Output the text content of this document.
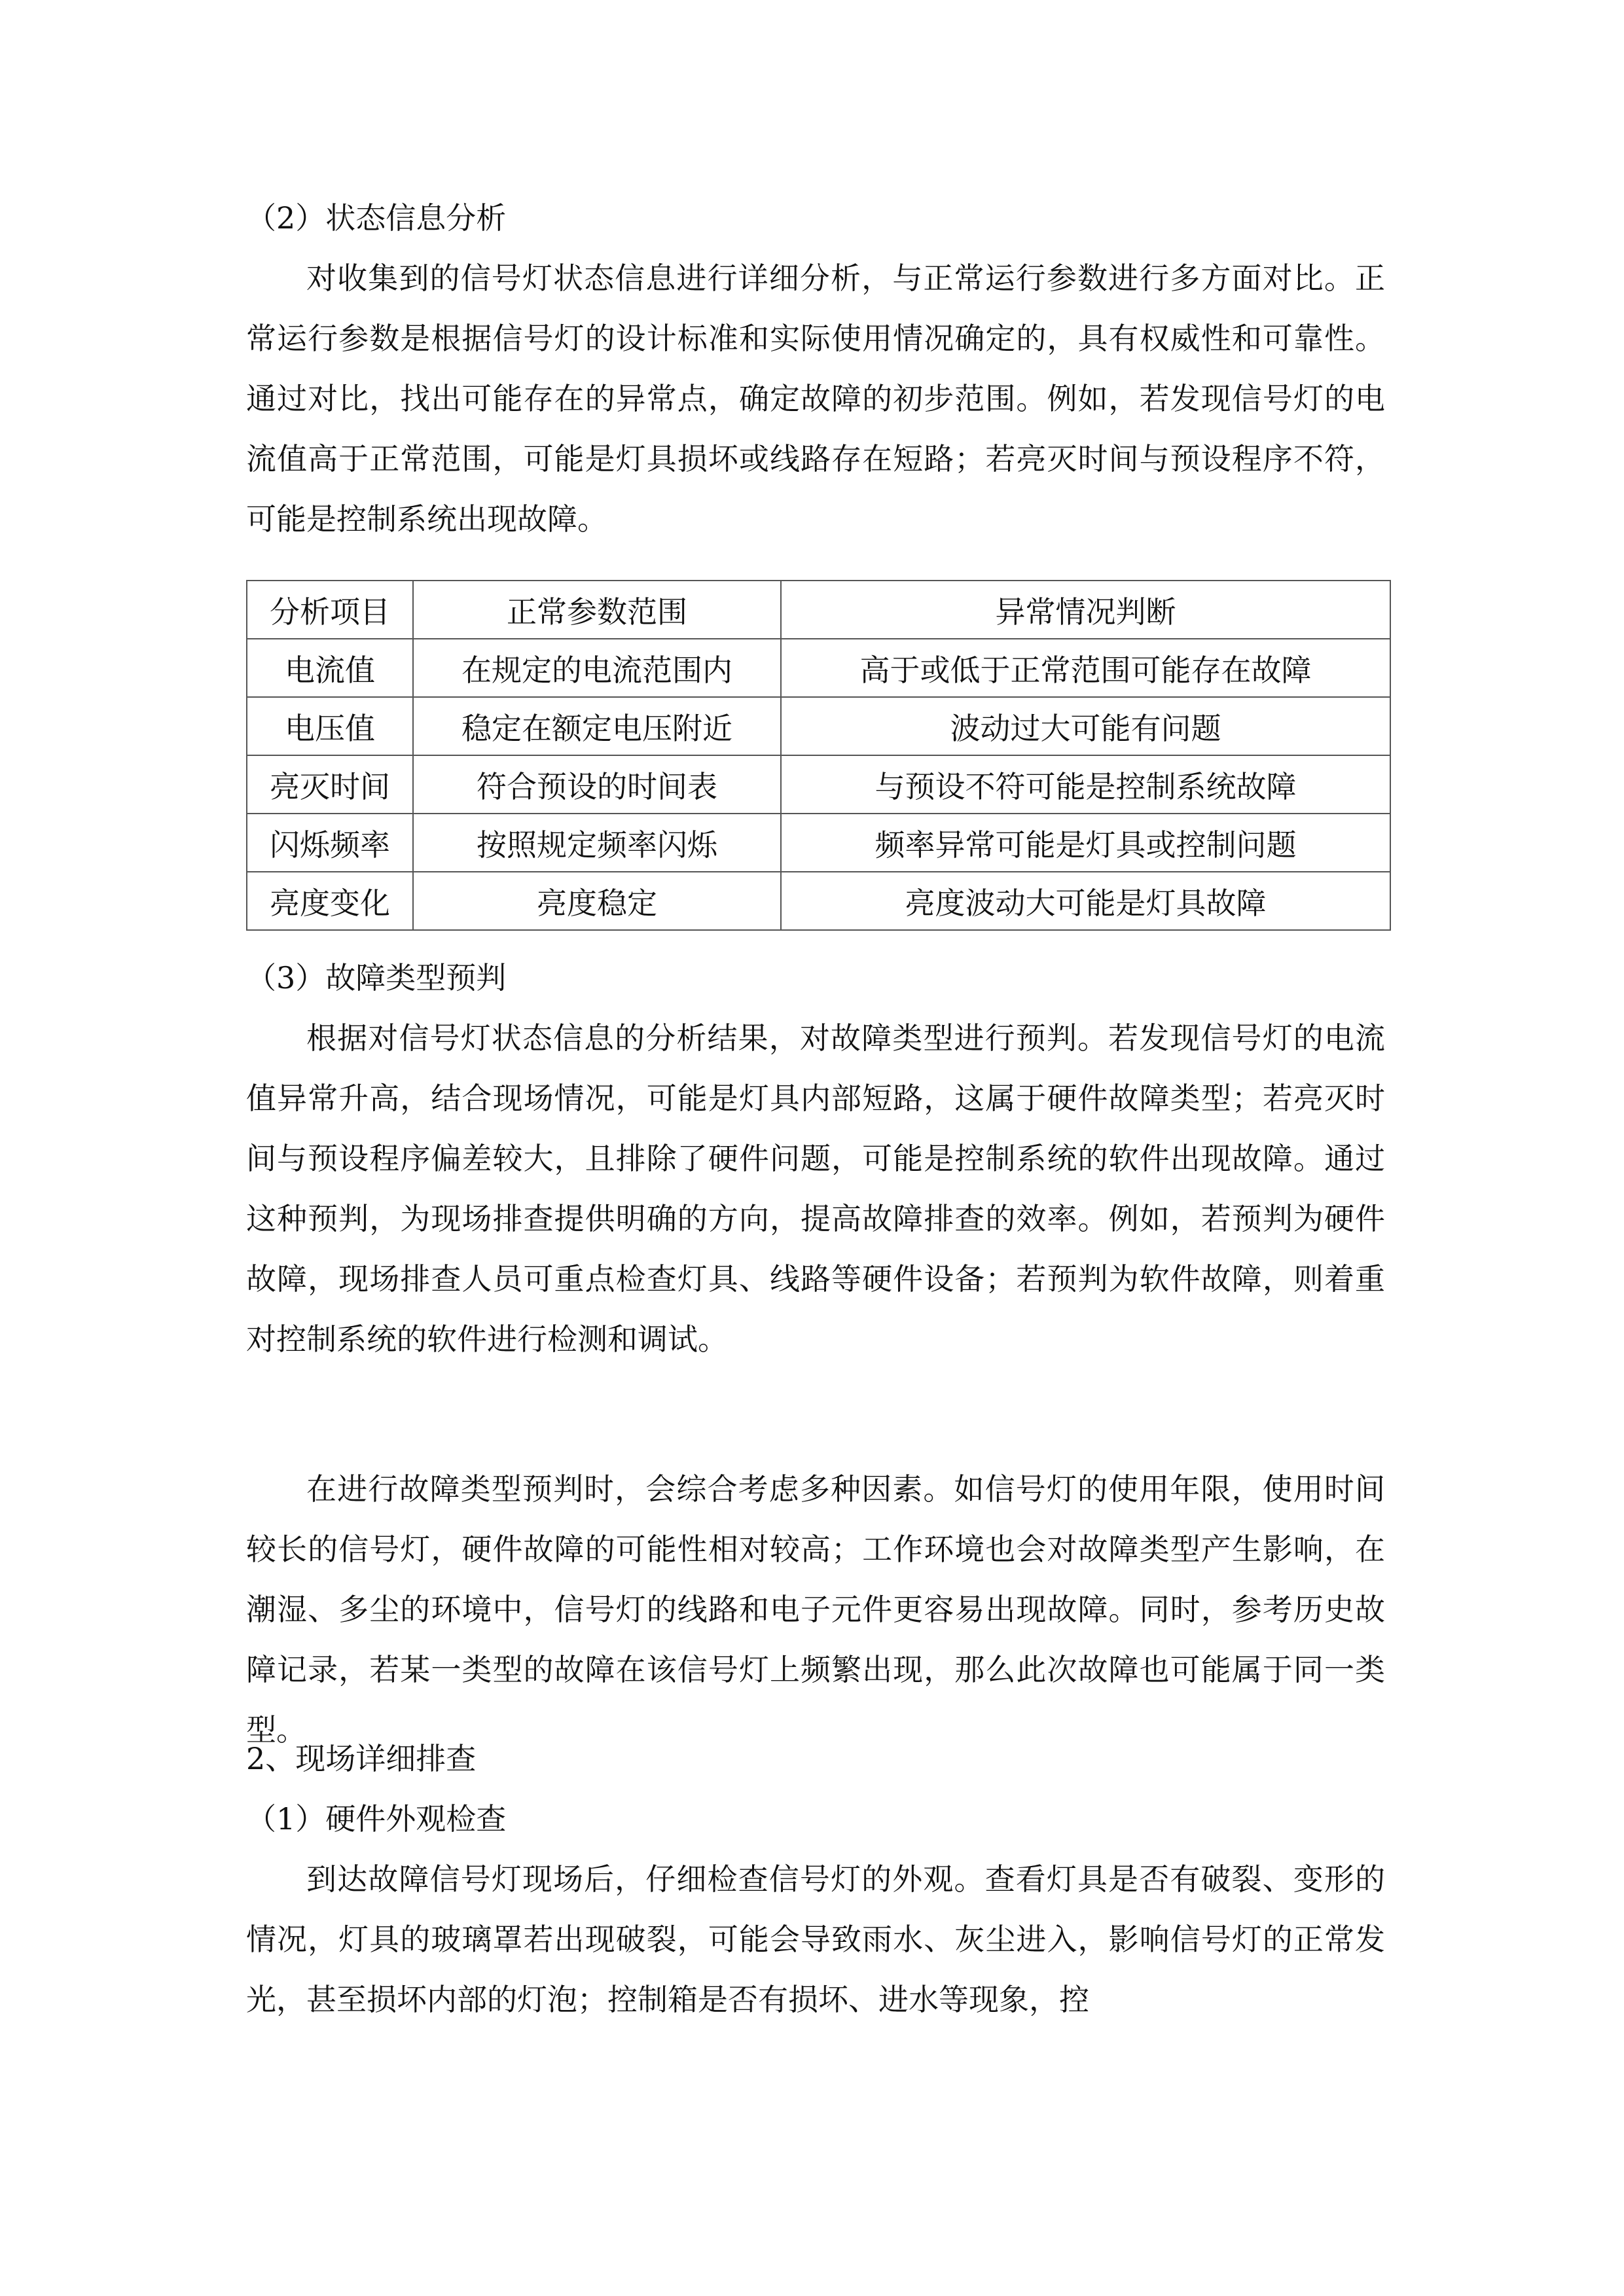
（2）状态信息分析
对收集到的信号灯状态信息进行详细分析，与正常运行参数进行多方面对比。正常运行参数是根据信号灯的设计标准和实际使用情况确定的，具有权威性和可靠性。通过对比，找出可能存在的异常点，确定故障的初步范围。例如，若发现信号灯的电流值高于正常范围，可能是灯具损坏或线路存在短路；若亮灭时间与预设程序不符，可能是控制系统出现故障。
分析项目	正常参数范围	异常情况判断
电流值	在规定的电流范围内	高于或低于正常范围可能存在故障
电压值	稳定在额定电压附近	波动过大可能有问题
亮灭时间	符合预设的时间表	与预设不符可能是控制系统故障
闪烁频率	按照规定频率闪烁	频率异常可能是灯具或控制问题
亮度变化	亮度稳定	亮度波动大可能是灯具故障
（3）故障类型预判
根据对信号灯状态信息的分析结果，对故障类型进行预判。若发现信号灯的电流值异常升高，结合现场情况，可能是灯具内部短路，这属于硬件故障类型；若亮灭时间与预设程序偏差较大，且排除了硬件问题，可能是控制系统的软件出现故障。通过这种预判，为现场排查提供明确的方向，提高故障排查的效率。例如，若预判为硬件故障，现场排查人员可重点检查灯具、线路等硬件设备；若预判为软件故障，则着重对控制系统的软件进行检测和调试。
在进行故障类型预判时，会综合考虑多种因素。如信号灯的使用年限，使用时间较长的信号灯，硬件故障的可能性相对较高；工作环境也会对故障类型产生影响，在潮湿、多尘的环境中，信号灯的线路和电子元件更容易出现故障。同时，参考历史故障记录，若某一类型的故障在该信号灯上频繁出现，那么此次故障也可能属于同一类型。
2、现场详细排查
（1）硬件外观检查
到达故障信号灯现场后，仔细检查信号灯的外观。查看灯具是否有破裂、变形的情况，灯具的玻璃罩若出现破裂，可能会导致雨水、灰尘进入，影响信号灯的正常发光，甚至损坏内部的灯泡；控制箱是否有损坏、进水等现象，控
